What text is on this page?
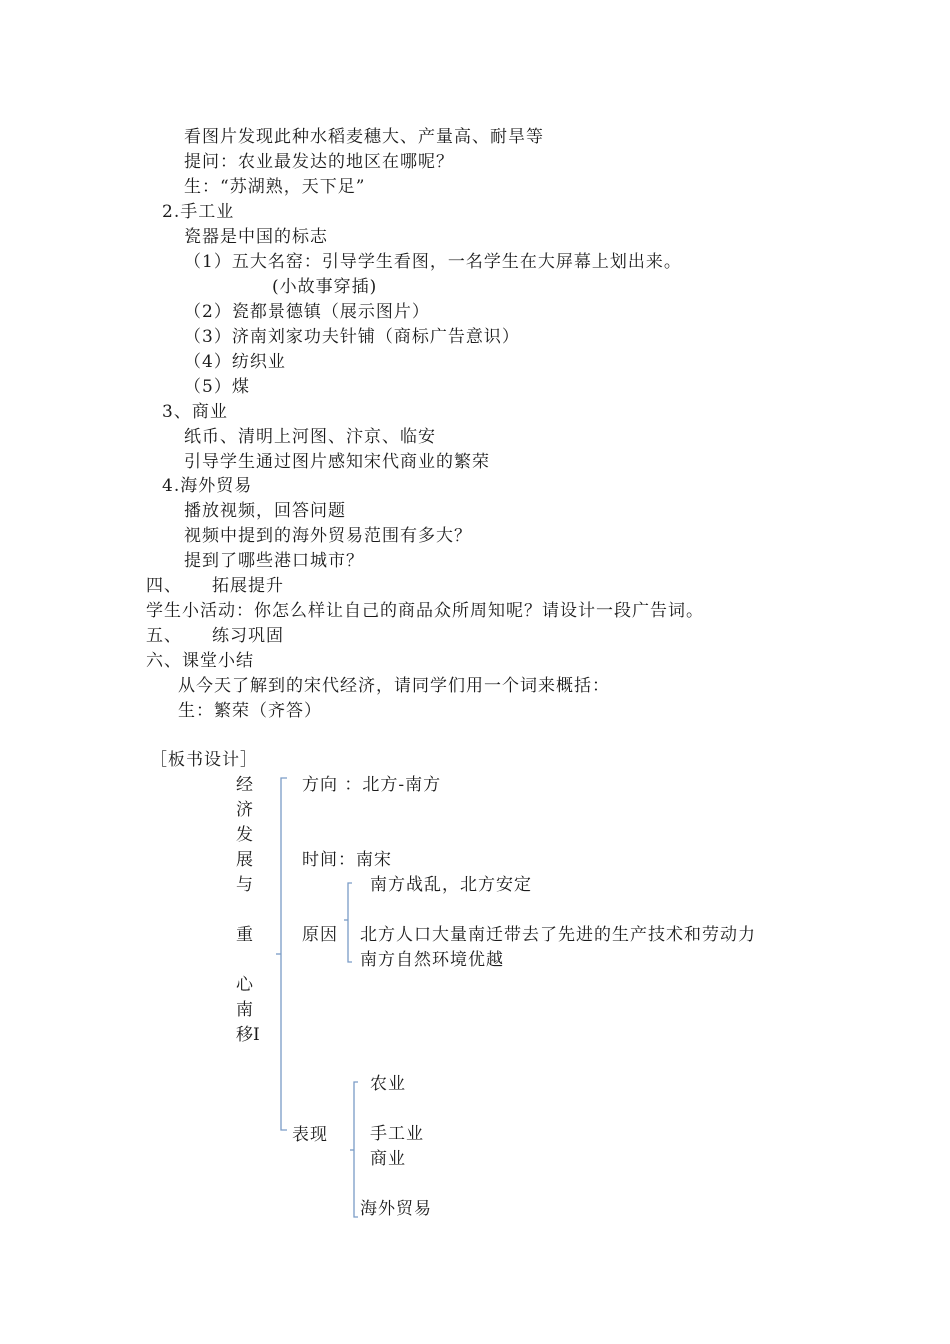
看图片发现此种水稻麦穗大、产量高、耐旱等
提问：农业最发达的地区在哪呢？
生：“苏湖熟，天下足”
2.手工业
瓷器是中国的标志
（1）五大名窑：引导学生看图，一名学生在大屏幕上划出来。
(小故事穿插)
（2）瓷都景德镇（展示图片）
（3）济南刘家功夫针铺（商标广告意识）
（4）纺织业
（5）煤
3、商业
纸币、清明上河图、汴京、临安
引导学生通过图片感知宋代商业的繁荣
4.海外贸易
播放视频，回答问题
视频中提到的海外贸易范围有多大？
提到了哪些港口城市？
四、 拓展提升
学生小活动：你怎么样让自己的商品众所周知呢？请设计一段广告词。
五、 练习巩固
六、课堂小结
从今天了解到的宋代经济，请同学们用一个词来概括：
生：繁荣（齐答）
［板书设计］
经
济
发
展
与
重
心
南
移Ⅰ
方向 ：北方-南方
时间：南宋
原因
南方战乱，北方安定
北方人口大量南迁带去了先进的生产技术和劳动力
南方自然环境优越
表现
农业
手工业
商业
海外贸易
